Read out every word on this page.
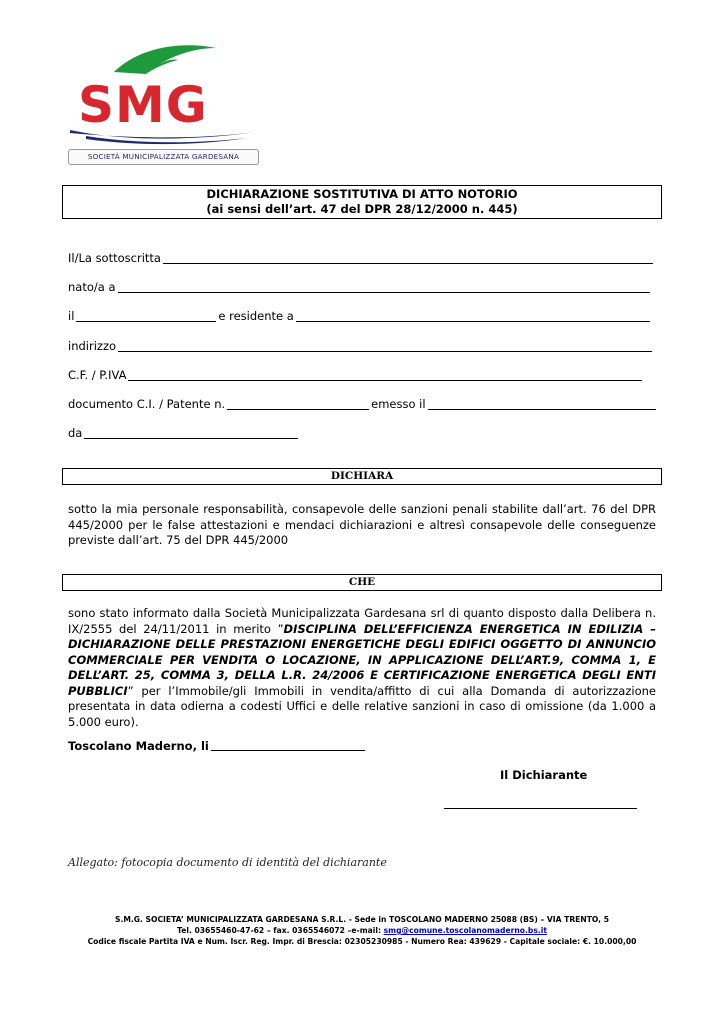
SMG
SOCIETÀ MUNICIPALIZZATA GARDESANA
DICHIARAZIONE SOSTITUTIVA DI ATTO NOTORIO
(ai sensi dell’art. 47 del DPR 28/12/2000 n. 445)
Il/La sottoscritta
nato/a a
il	e residente a
indirizzo
C.F. / P.IVA
documento C.I. / Patente n.	emesso il
da
DICHIARA
sotto la mia personale responsabilità, consapevole delle sanzioni penali stabilite dall’art. 76 del DPR 445/2000 per le false attestazioni e mendaci dichiarazioni e altresì consapevole delle conseguenze previste dall’art. 75 del DPR 445/2000
CHE
sono stato informato dalla Società Municipalizzata Gardesana srl di quanto disposto dalla Delibera n. IX/2555 del 24/11/2011 in merito ”DISCIPLINA DELL’EFFICIENZA ENERGETICA IN EDILIZIA – DICHIARAZIONE DELLE PRESTAZIONI ENERGETICHE DEGLI EDIFICI OGGETTO DI ANNUNCIO COMMERCIALE PER VENDITA O LOCAZIONE, IN APPLICAZIONE DELL’ART.9, COMMA 1, E DELL’ART. 25, COMMA 3, DELLA L.R. 24/2006 E CERTIFICAZIONE ENERGETICA DEGLI ENTI PUBBLICI” per l’Immobile/gli Immobili in vendita/affitto di cui alla Domanda di autorizzazione presentata in data odierna a codesti Uffici e delle relative sanzioni in caso di omissione (da 1.000 a 5.000 euro).
Toscolano Maderno, li
Il Dichiarante
Allegato: fotocopia documento di identità del dichiarante
S.M.G. SOCIETA’ MUNICIPALIZZATA GARDESANA S.R.L. - Sede in TOSCOLANO MADERNO 25088 (BS) – VIA TRENTO, 5
Tel. 03655460-47-62 – fax. 0365546072 –e-mail: smg@comune.toscolanomaderno.bs.it
Codice fiscale Partita IVA e Num. Iscr. Reg. Impr. di Brescia: 02305230985 - Numero Rea: 439629 - Capitale sociale: €. 10.000,00
